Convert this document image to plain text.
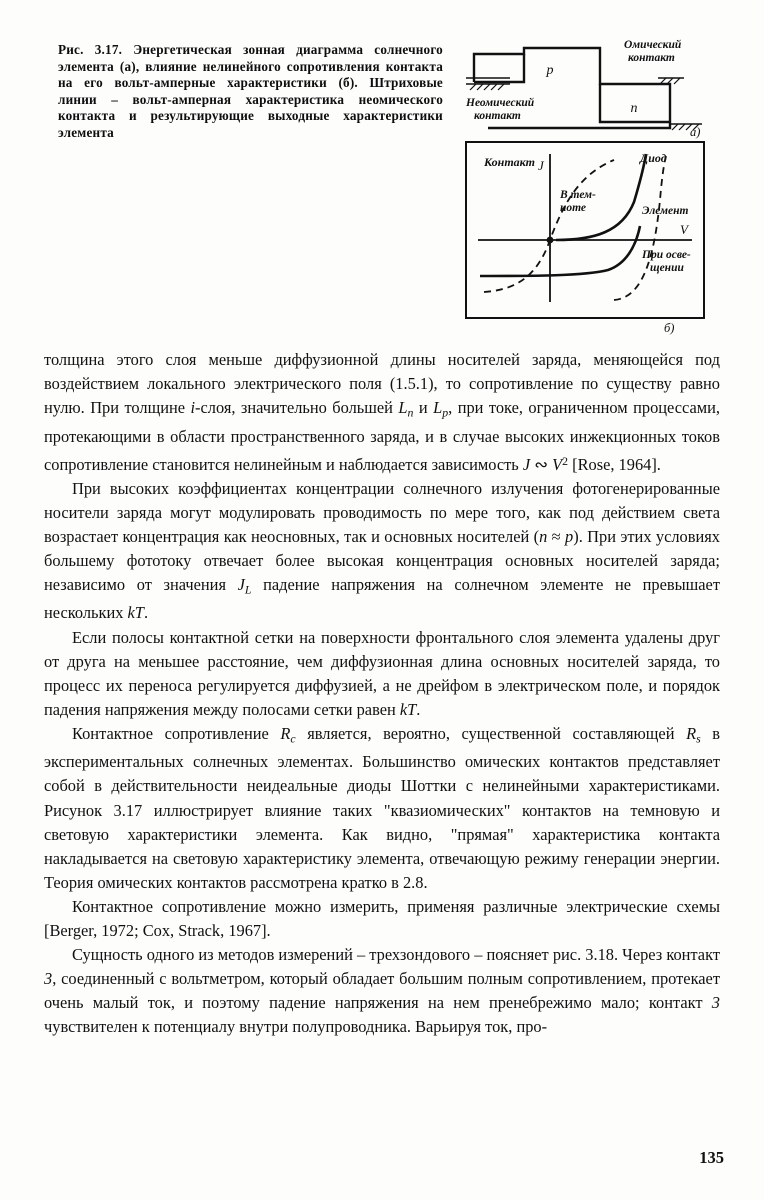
Рис. 3.17. Энергетическая зонная диаграмма солнечного элемента (а), влияние нелинейного сопротивления контакта на его вольт-амперные характеристики (б). Штриховые линии – вольт-амперная характеристика неомического контакта и результирующие выходные характеристики элемента
р
n
Омический
контакт
Неомический
контакт
а)
J
V
Контакт	Диод
В тем-
ноте	Элемент
При осве-
щении
б)

толщина этого слоя меньше диффузионной длины носителей заряда, меняющейся под воздействием локального электрического поля (1.5.1), то сопротивление по существу равно нулю. При толщине i-слоя, значительно большей $L_n$ и $L_p$, при токе, ограниченном процессами, протекающими в области пространственного заряда, и в случае высоких инжекционных токов сопротивление становится нелинейным и наблюдается зависимость J ∾ $V^2$ [Rose, 1964].

При высоких коэффициентах концентрации солнечного излучения фотогенерированные носители заряда могут модулировать проводимость по мере того, как под действием света возрастает концентрация как неосновных, так и основных носителей (n ≈ p). При этих условиях большему фототоку отвечает более высокая концентрация основных носителей заряда; независимо от значения $J_L$ падение напряжения на солнечном элементе не превышает нескольких kT.

Если полосы контактной сетки на поверхности фронтального слоя элемента удалены друг от друга на меньшее расстояние, чем диффузионная длина основных носителей заряда, то процесс их переноса регулируется диффузией, а не дрейфом в электрическом поле, и порядок падения напряжения между полосами сетки равен kT.

Контактное сопротивление $R_c$ является, вероятно, существенной составляющей $R_s$ в экспериментальных солнечных элементах. Большинство омических контактов представляет собой в действительности неидеальные диоды Шоттки с нелинейными характеристиками. Рисунок 3.17 иллюстрирует влияние таких "квазиомических" контактов на темновую и световую характеристики элемента. Как видно, "прямая" характеристика контакта накладывается на световую характеристику элемента, отвечающую режиму генерации энергии. Теория омических контактов рассмотрена кратко в 2.8.

Контактное сопротивление можно измерить, применяя различные электрические схемы [Berger, 1972; Cox, Strack, 1967].

Сущность одного из методов измерений – трехзондового – поясняет рис. 3.18. Через контакт 3, соединенный с вольтметром, который обладает большим полным сопротивлением, протекает очень малый ток, и поэтому падение напряжения на нем пренебрежимо мало; контакт 3 чувствителен к потенциалу внутри полупроводника. Варьируя ток, про-

135
